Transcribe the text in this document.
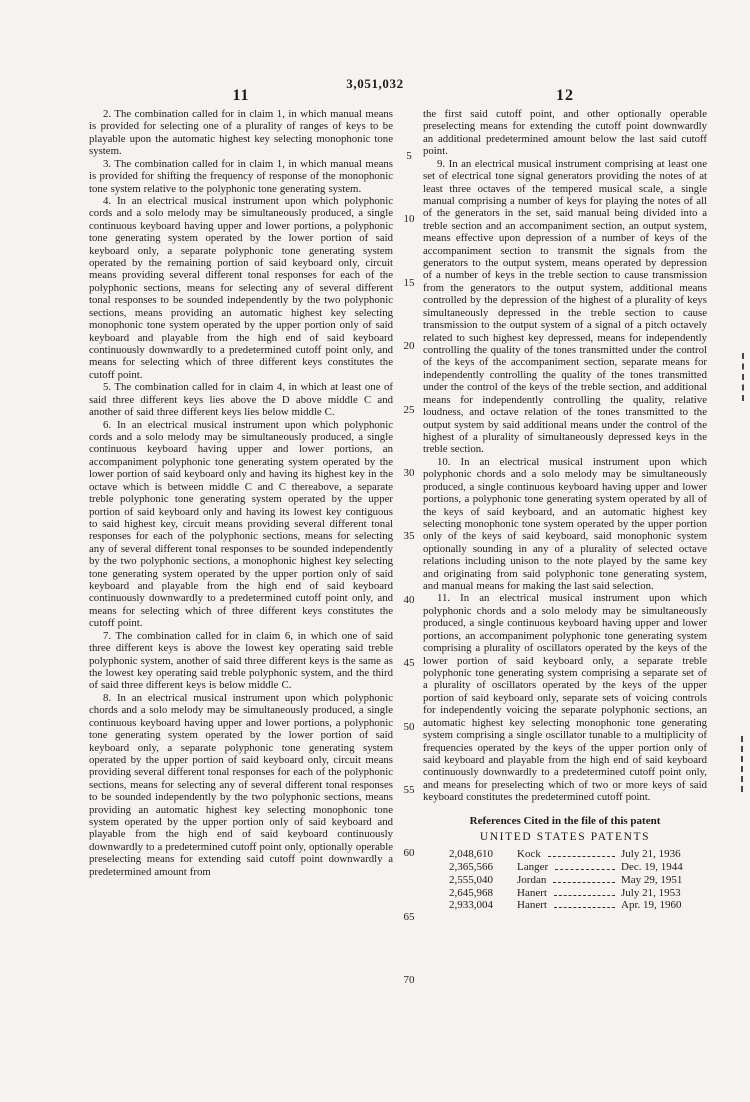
3,051,032
11

2. The combination called for in claim 1, in which manual means is provided for selecting one of a plurality of ranges of keys to be playable upon the automatic highest key selecting monophonic tone system.

3. The combination called for in claim 1, in which manual means is provided for shifting the frequency of response of the monophonic tone system relative to the polyphonic tone generating system.

4. In an electrical musical instrument upon which polyphonic cords and a solo melody may be simultaneously produced, a single continuous keyboard having upper and lower portions, a polyphonic tone generating system operated by the lower portion of said keyboard only, a separate polyphonic tone generating system operated by the remaining portion of said keyboard only, circuit means providing several different tonal responses for each of the polyphonic sections, means for selecting any of several different tonal responses to be sounded independently by the two polyphonic sections, means providing an automatic highest key selecting monophonic tone system operated by the upper portion only of said keyboard and playable from the high end of said keyboard continuously downwardly to a predetermined cutoff point only, and means for selecting which of three different keys constitutes the cutoff point.

5. The combination called for in claim 4, in which at least one of said three different keys lies above the D above middle C and another of said three different keys lies below middle C.

6. In an electrical musical instrument upon which polyphonic cords and a solo melody may be simultaneously produced, a single continuous keyboard having upper and lower portions, an accompaniment polyphonic tone generating system operated by the lower portion of said keyboard only and having its highest key in the octave which is between middle C and C thereabove, a separate treble polyphonic tone generating system operated by the upper portion of said keyboard only and having its lowest key contiguous to said highest key, circuit means providing several different tonal responses for each of the polyphonic sections, means for selecting any of several different tonal responses to be sounded independently by the two polyphonic sections, a monophonic highest key selecting tone generating system operated by the upper portion only of said keyboard and playable from the high end of said keyboard continuously downwardly to a predetermined cutoff point only, and means for selecting which of three different keys constitutes the cutoff point.

7. The combination called for in claim 6, in which one of said three different keys is above the lowest key operating said treble polyphonic system, another of said three different keys is the same as the lowest key operating said treble polyphonic system, and the third of said three different keys is below middle C.

8. In an electrical musical instrument upon which polyphonic chords and a solo melody may be simultaneously produced, a single continuous keyboard having upper and lower portions, a polyphonic tone generating system operated by the lower portion of said keyboard only, a separate polyphonic tone generating system operated by the upper portion of said keyboard only, circuit means providing several different tonal responses for each of the polyphonic sections, means for selecting any of several different tonal responses to be sounded independently by the two polyphonic sections, means providing an automatic highest key selecting monophonic tone system operated by the upper portion only of said keyboard and playable from the high end of said keyboard continuously downwardly to a predetermined cutoff point only, optionally operable preselecting means for extending said cutoff point downwardly a predetermined amount from

12

the first said cutoff point, and other optionally operable preselecting means for extending the cutoff point downwardly an additional predetermined amount below the last said cutoff point.

9. In an electrical musical instrument comprising at least one set of electrical tone signal generators providing the notes of at least three octaves of the tempered musical scale, a single manual comprising a number of keys for playing the notes of all of the generators in the set, said manual being divided into a treble section and an accompaniment section, an output system, means effective upon depression of a number of keys of the accompaniment section to transmit the signals from the generators to the output system, means operated by depression of a number of keys in the treble section to cause transmission from the generators to the output system, additional means controlled by the depression of the highest of a plurality of keys simultaneously depressed in the treble section to cause transmission to the output system of a signal of a pitch octavely related to such highest key depressed, means for independently controlling the quality of the tones transmitted under the control of the keys of the accompaniment section, separate means for independently controlling the quality of the tones transmitted under the control of the keys of the treble section, and additional means for independently controlling the quality, relative loudness, and octave relation of the tones transmitted to the output system by said additional means under the control of the highest of a plurality of simultaneously depressed keys in the treble section.

10. In an electrical musical instrument upon which polyphonic chords and a solo melody may be simultaneously produced, a single continuous keyboard having upper and lower portions, a polyphonic tone generating system operated by all of the keys of said keyboard, and an automatic highest key selecting monophonic tone system operated by the upper portion only of the keys of said keyboard, said monophonic system optionally sounding in any of a plurality of selected octave relations including unison to the note played by the same key and originating from said polyphonic tone generating system, and manual means for making the last said selection.

11. In an electrical musical instrument upon which polyphonic chords and a solo melody may be simultaneously produced, a single continuous keyboard having upper and lower portions, an accompaniment polyphonic tone generating system comprising a plurality of oscillators operated by the keys of the lower portion of said keyboard only, a separate treble polyphonic tone generating system comprising a separate set of a plurality of oscillators operated by the keys of the upper portion of said keyboard only, separate sets of voicing controls for independently voicing the separate polyphonic sections, an automatic highest key selecting monophonic tone generating system comprising a single oscillator tunable to a multiplicity of frequencies operated by the keys of the upper portion only of said keyboard and playable from the high end of said keyboard continuously downwardly to a predetermined cutoff point only, and means for preselecting which of two or more keys of said keyboard constitutes the predetermined cutoff point.

References Cited in the file of this patent
UNITED STATES PATENTS
2,048,610 Kock	July 21, 1936
2,365,566 Langer	Dec. 19, 1944
2,555,040 Jordan	May 29, 1951
2,645,968 Hanert	July 21, 1953
2,933,004 Hanert	Apr. 19, 1960
5
10
15
20
25
30
35
40
45
50
55
60
65
70
